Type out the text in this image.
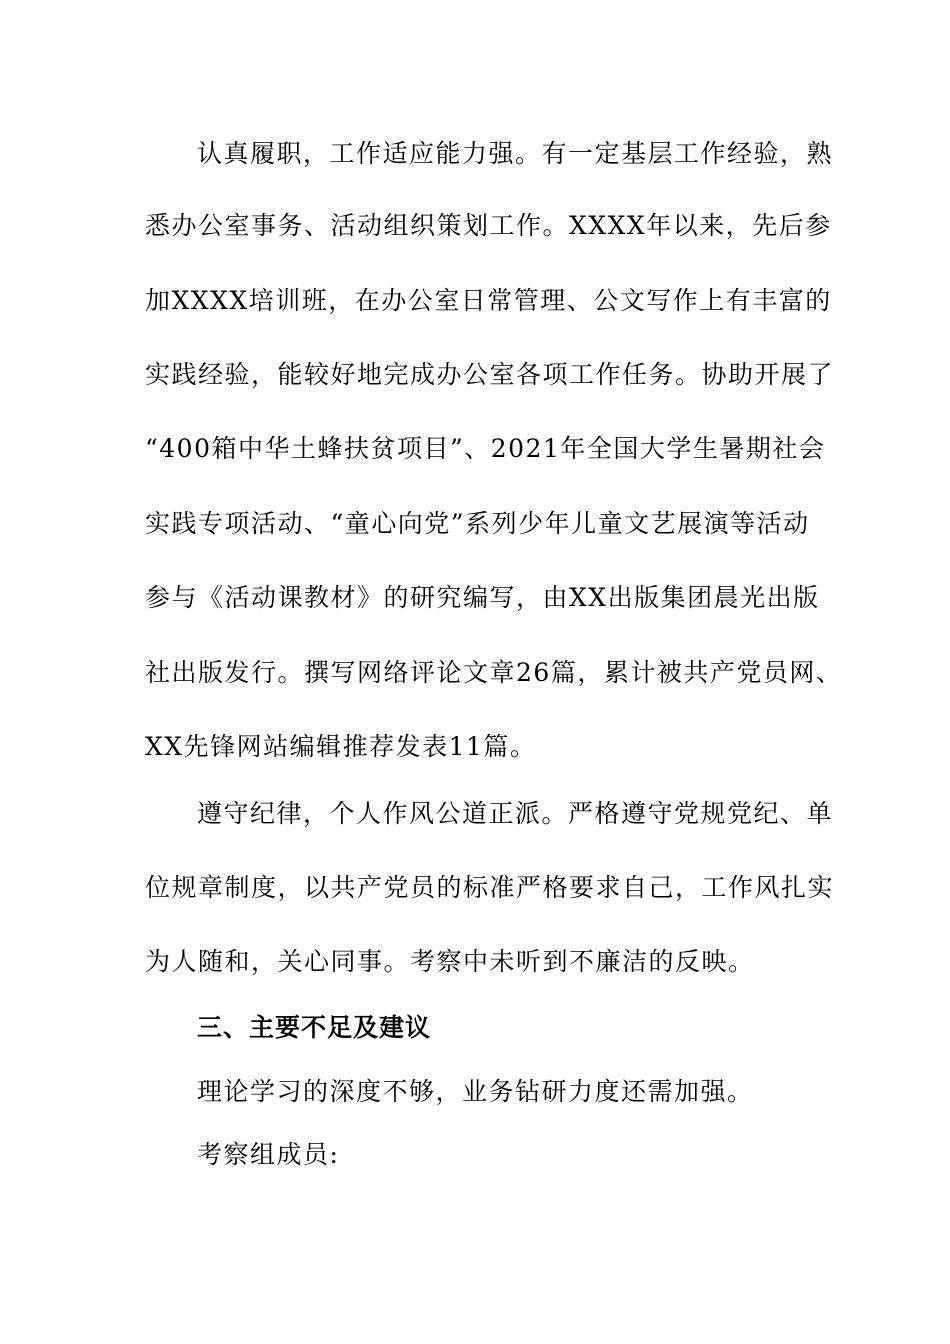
认真履职，工作适应能力强。有一定基层工作经验，熟
悉办公室事务、活动组织策划工作。XXXX年以来，先后参
加XXXX培训班，在办公室日常管理、公文写作上有丰富的
实践经验，能较好地完成办公室各项工作任务。协助开展了
“400箱中华土蜂扶贫项目”、2021年全国大学生暑期社会
实践专项活动、“童心向党”系列少年儿童文艺展演等活动
参与《活动课教材》的研究编写，由XX出版集团晨光出版
社出版发行。撰写网络评论文章26篇，累计被共产党员网、
XX先锋网站编辑推荐发表11篇。
遵守纪律，个人作风公道正派。严格遵守党规党纪、单
位规章制度，以共产党员的标准严格要求自己，工作风扎实
为人随和，关心同事。考察中未听到不廉洁的反映。
三、主要不足及建议
理论学习的深度不够，业务钻研力度还需加强。
考察组成员:
